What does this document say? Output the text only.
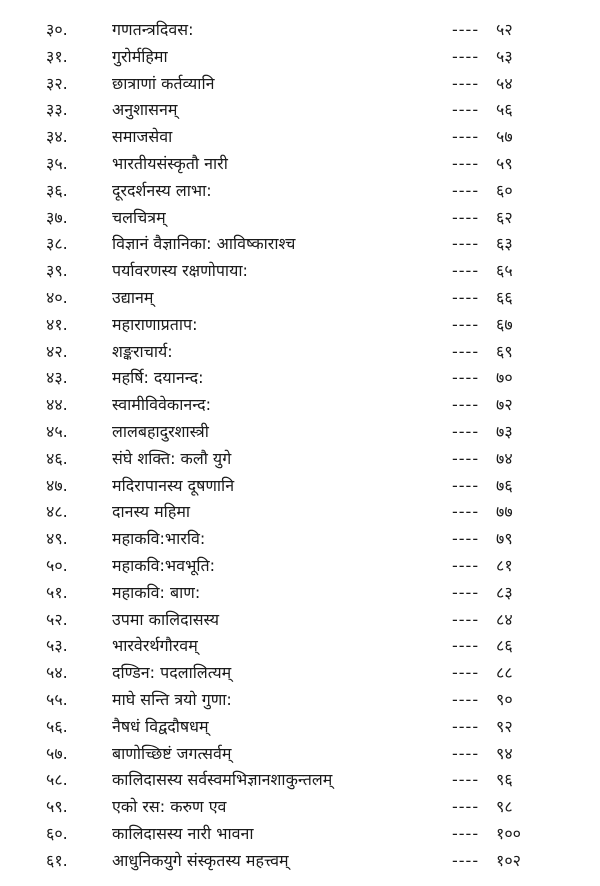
३०.	गणतन्त्रदिवस:	---- ५२
३१.	गुरोर्महिमा	---- ५३
३२.	छात्राणां कर्तव्यानि	---- ५४
३३.	अनुशासनम्	---- ५६
३४.	समाजसेवा	---- ५७
३५.	भारतीयसंस्कृतौ नारी	---- ५९
३६.	दूरदर्शनस्य लाभा:	---- ६०
३७.	चलचित्रम्	---- ६२
३८.	विज्ञानं वैज्ञानिका: आविष्काराश्च	---- ६३
३९.	पर्यावरणस्य रक्षणोपाया:	---- ६५
४०.	उद्यानम्	---- ६६
४१.	महाराणाप्रताप:	---- ६७
४२.	शङ्कराचार्य:	---- ६९
४३.	महर्षि: दयानन्द:	---- ७०
४४.	स्वामीविवेकानन्द:	---- ७२
४५.	लालबहादुरशास्त्री	---- ७३
४६.	संघे शक्ति: कलौ युगे	---- ७४
४७.	मदिरापानस्य दूषणानि	---- ७६
४८.	दानस्य महिमा	---- ७७
४९.	महाकवि:भारवि:	---- ७९
५०.	महाकवि:भवभूति:	---- ८१
५१.	महाकवि: बाण:	---- ८३
५२.	उपमा कालिदासस्य	---- ८४
५३.	भारवेरर्थगौरवम्	---- ८६
५४.	दण्डिन: पदलालित्यम्	---- ८८
५५.	माघे सन्ति त्रयो गुणा:	---- ९०
५६.	नैषधं विद्वदौषधम्	---- ९२
५७.	बाणोच्छिष्टं जगत्सर्वम्	---- ९४
५८.	कालिदासस्य सर्वस्वमभिज्ञानशाकुन्तलम्	---- ९६
५९.	एको रस: करुण एव	---- ९८
६०.	कालिदासस्य नारी भावना	---- १००
६१.	आधुनिकयुगे संस्कृतस्य महत्त्वम्	---- १०२
